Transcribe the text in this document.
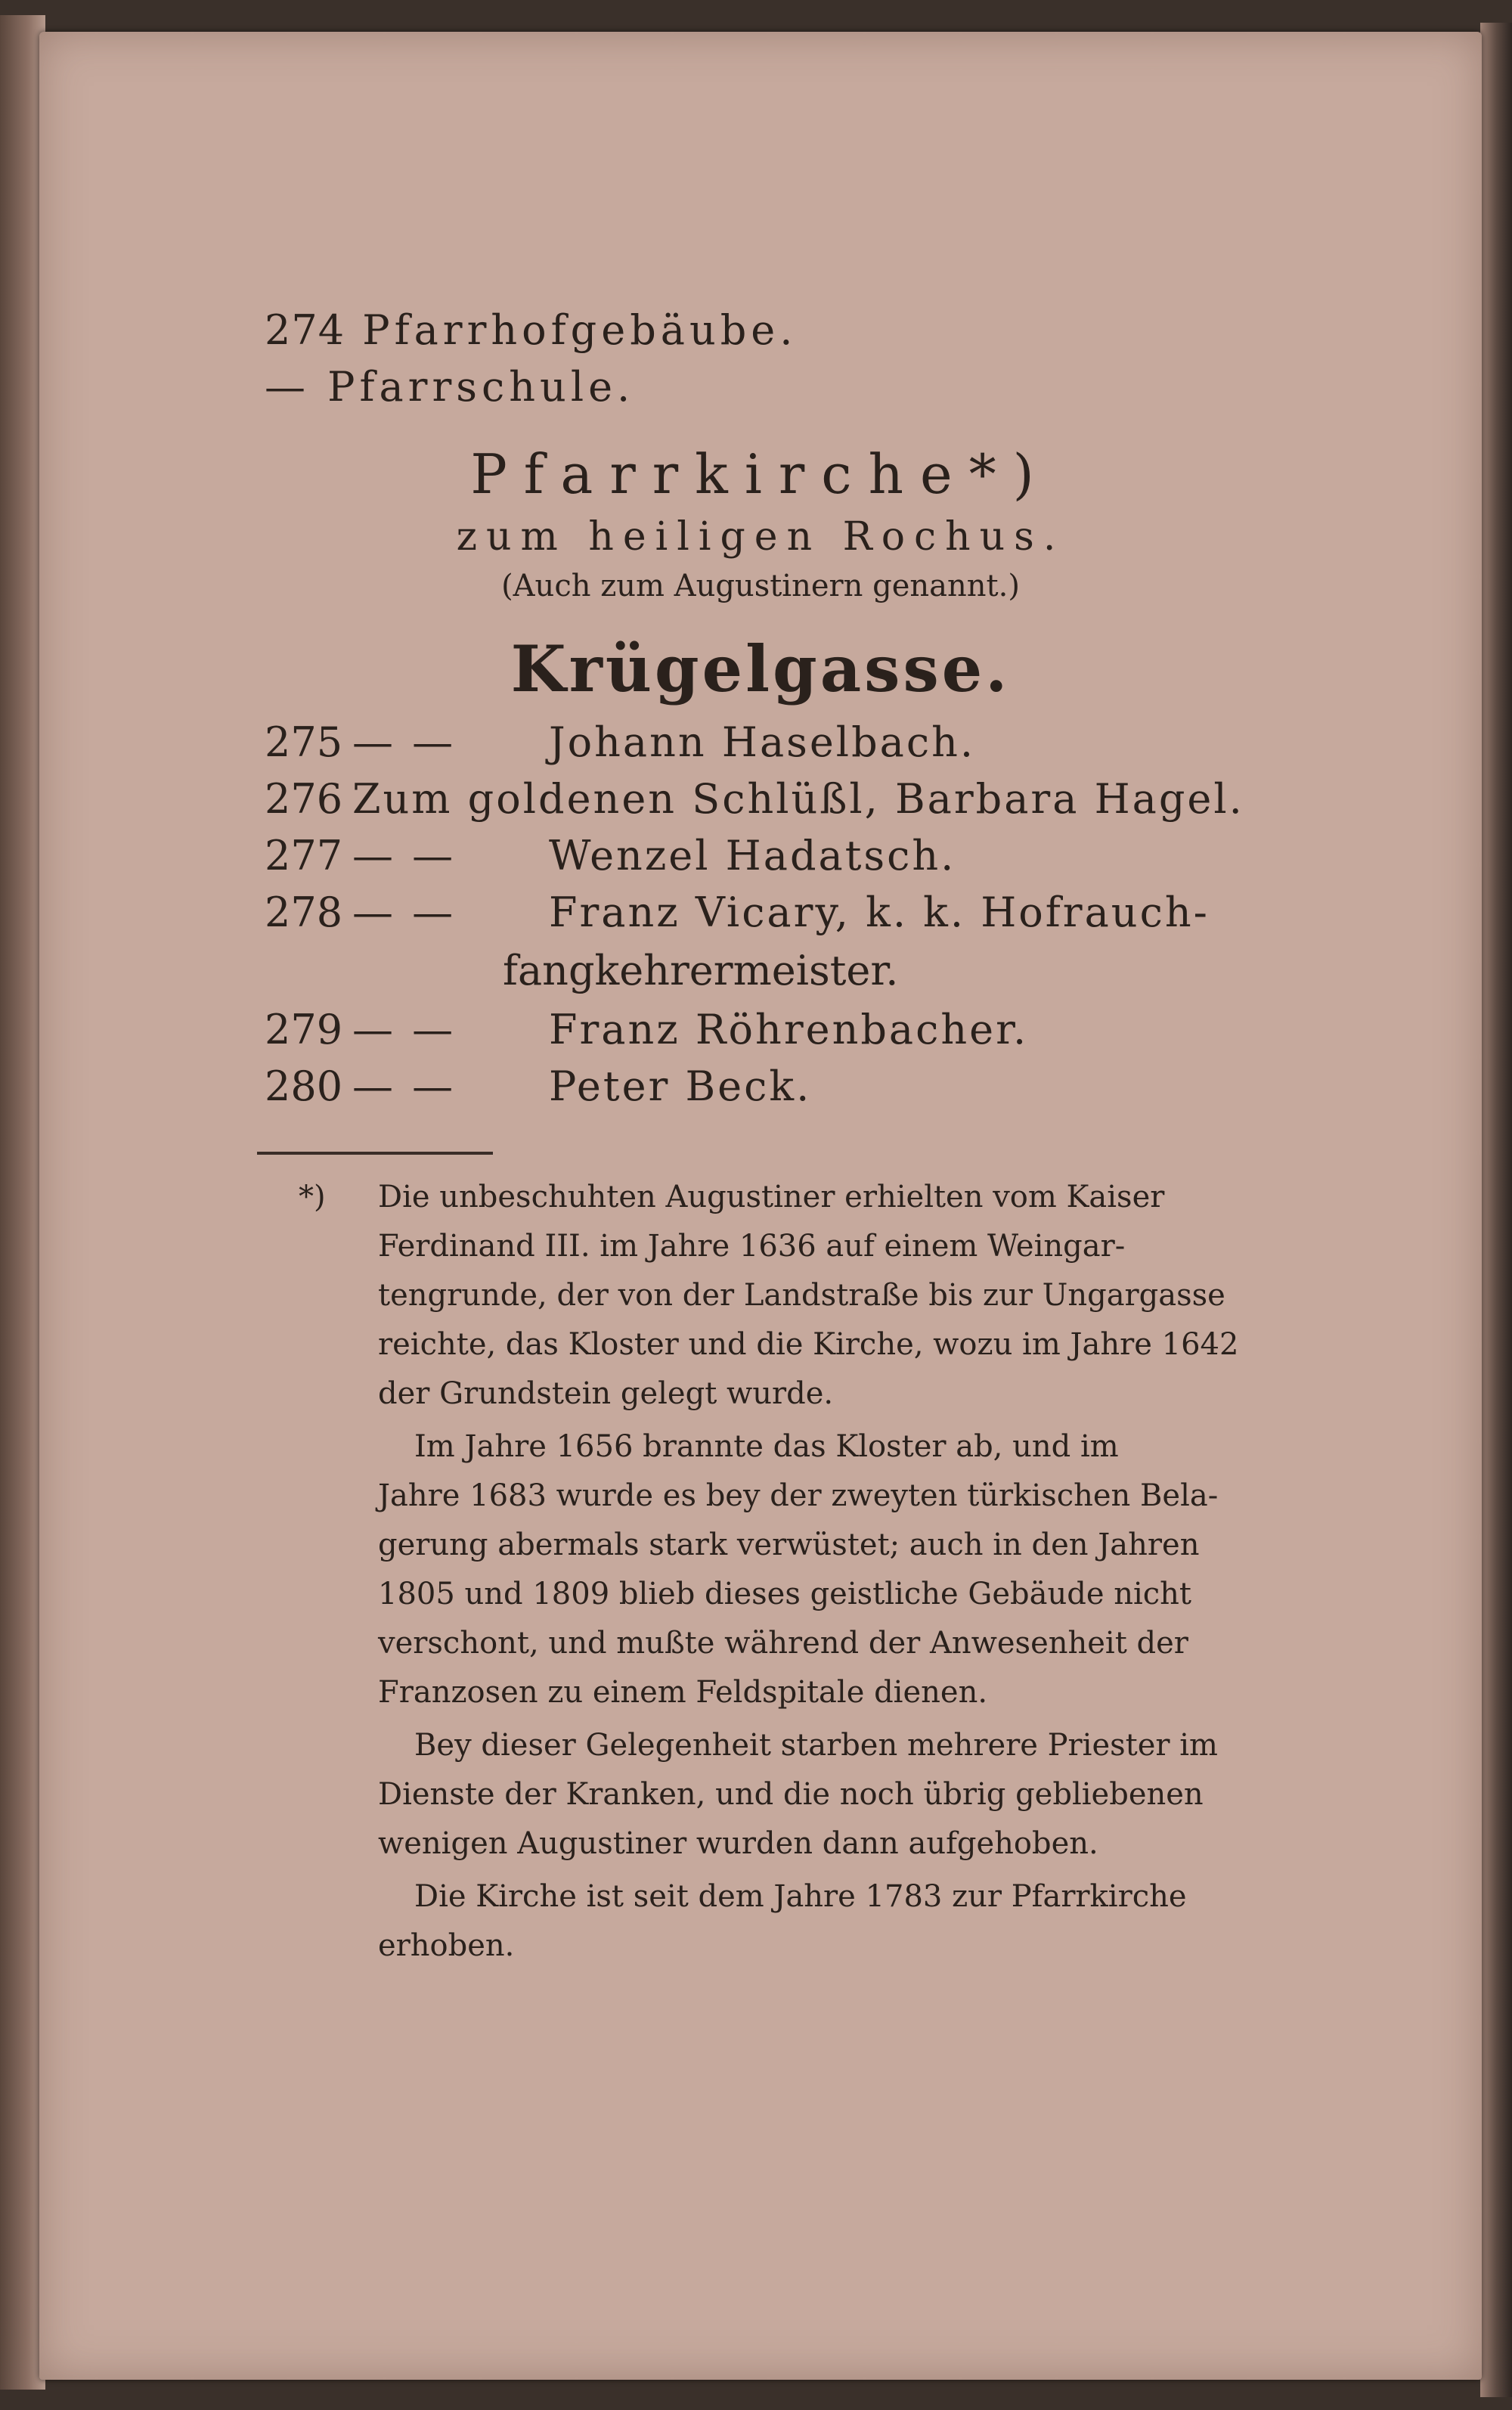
274 Pfarrhofgebäube.
— Pfarrschule.
Pfarrkirche*)
zum heiligen Rochus.
(Auch zum Augustinern genannt.)
Krügelgasse.
275 — — Johann Haselbach.
276 Zum goldenen Schlüßl, Barbara Hagel.
277 — — Wenzel Hadatsch.
278 — — Franz Vicary, k. k. Hofrauch-
fangkehrermeister.
279 — — Franz Röhrenbacher.
280 — — Peter Beck.
*) Die unbeschuhten Augustiner erhielten vom Kaiser
Ferdinand III. im Jahre 1636 auf einem Weingar-
tengrunde, der von der Landstraße bis zur Ungargasse
reichte, das Kloster und die Kirche, wozu im Jahre 1642
der Grundstein gelegt wurde.
Im Jahre 1656 brannte das Kloster ab, und im
Jahre 1683 wurde es bey der zweyten türkischen Bela-
gerung abermals stark verwüstet; auch in den Jahren
1805 und 1809 blieb dieses geistliche Gebäude nicht
verschont, und mußte während der Anwesenheit der
Franzosen zu einem Feldspitale dienen.
Bey dieser Gelegenheit starben mehrere Priester im
Dienste der Kranken, und die noch übrig gebliebenen
wenigen Augustiner wurden dann aufgehoben.
Die Kirche ist seit dem Jahre 1783 zur Pfarrkirche
erhoben.
